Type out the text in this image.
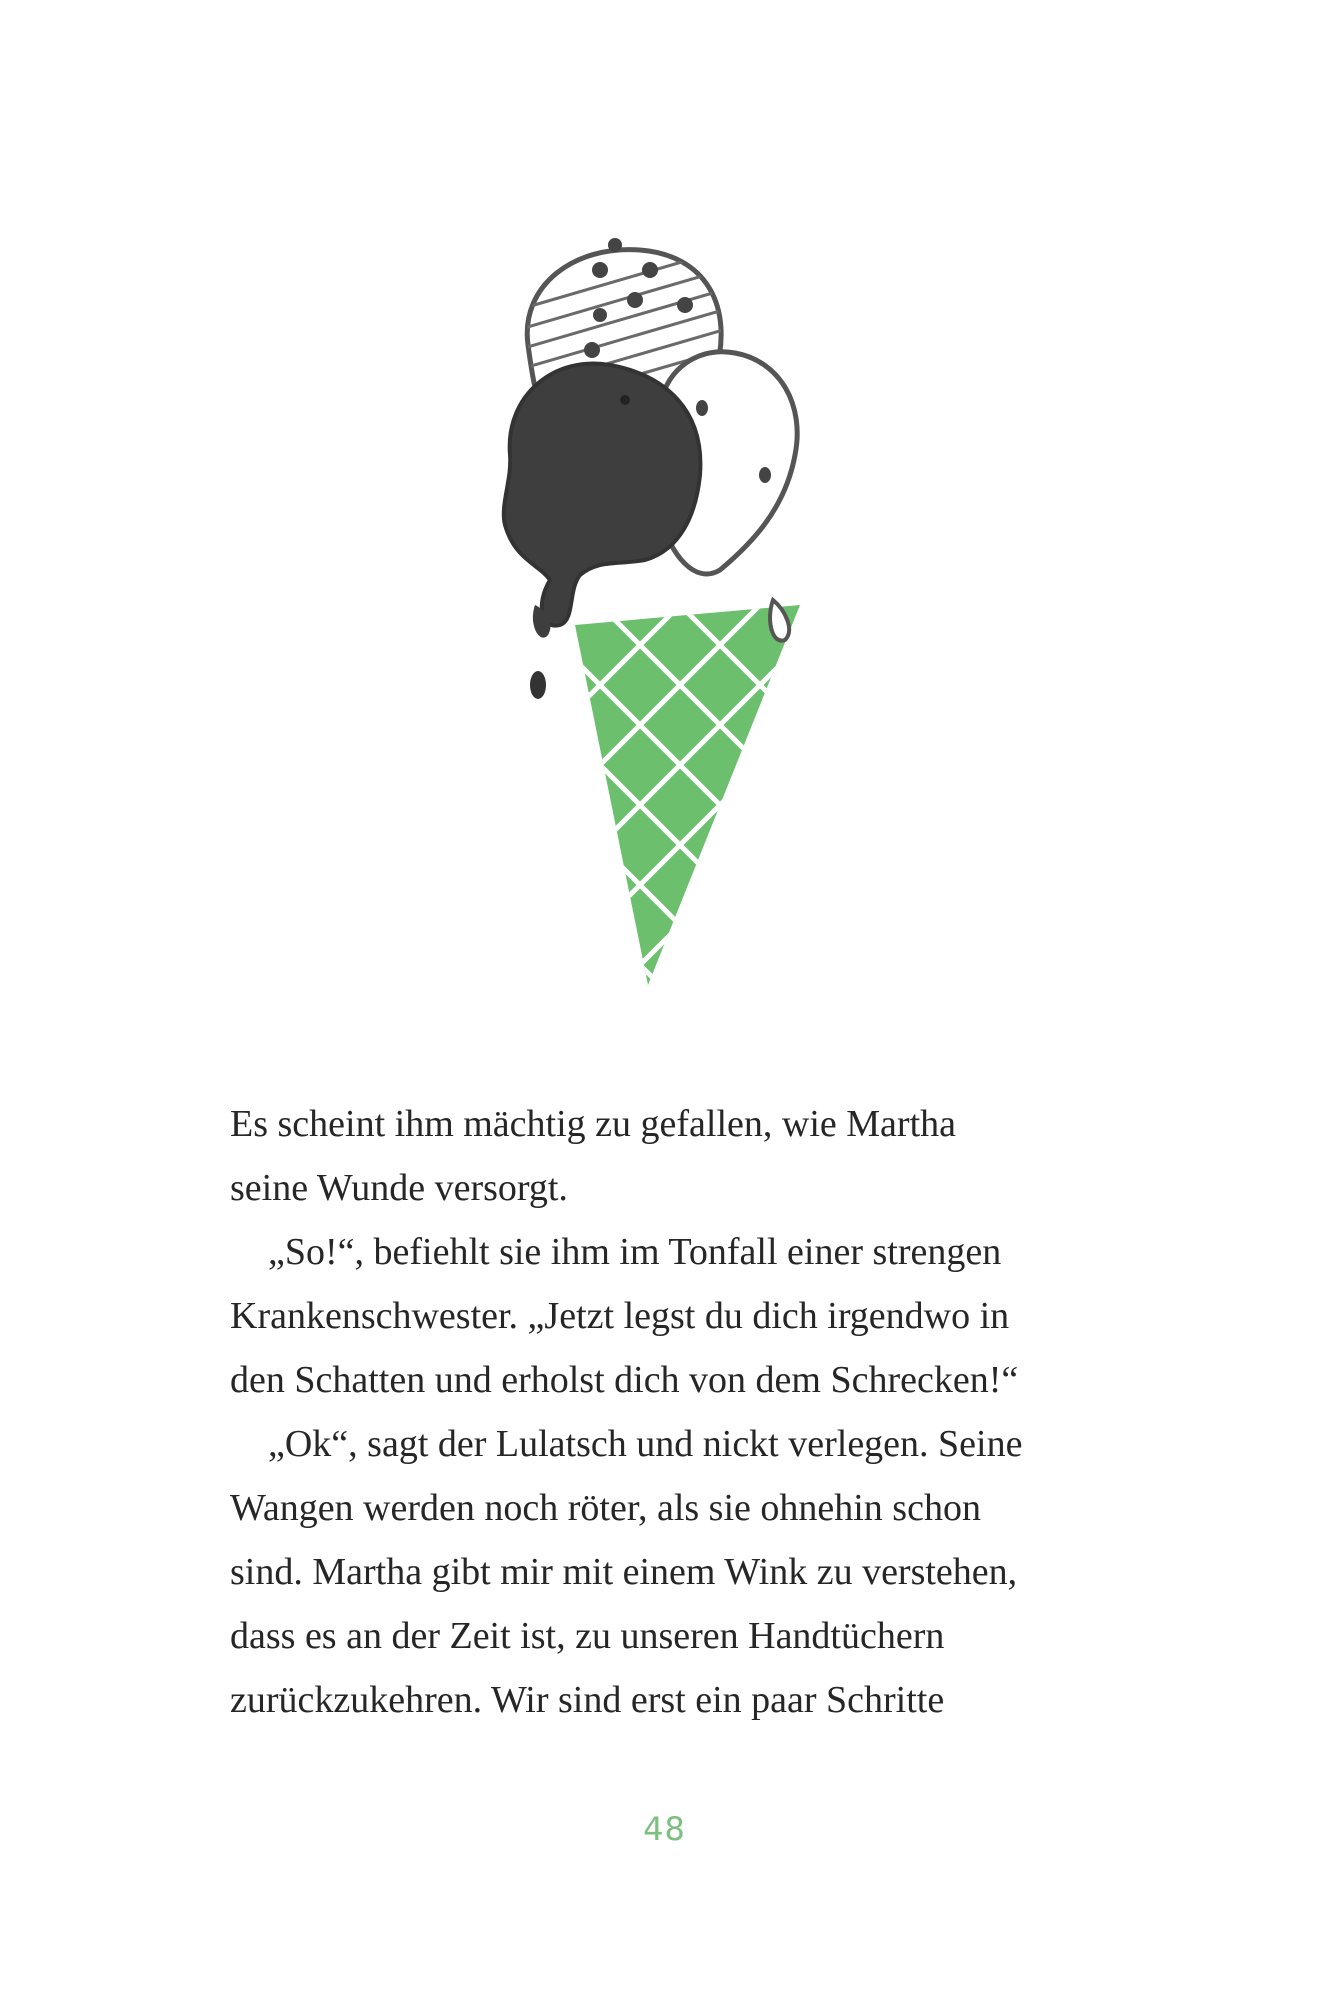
Es scheint ihm mächtig zu gefallen, wie Martha
seine Wunde versorgt.
„So!“, befiehlt sie ihm im Tonfall einer strengen
Krankenschwester. „Jetzt legst du dich irgendwo in
den Schatten und erholst dich von dem Schrecken!“
„Ok“, sagt der Lulatsch und nickt verlegen. Seine
Wangen werden noch röter, als sie ohnehin schon
sind. Martha gibt mir mit einem Wink zu verstehen,
dass es an der Zeit ist, zu unseren Handtüchern
zurückzukehren. Wir sind erst ein paar Schritte
48
